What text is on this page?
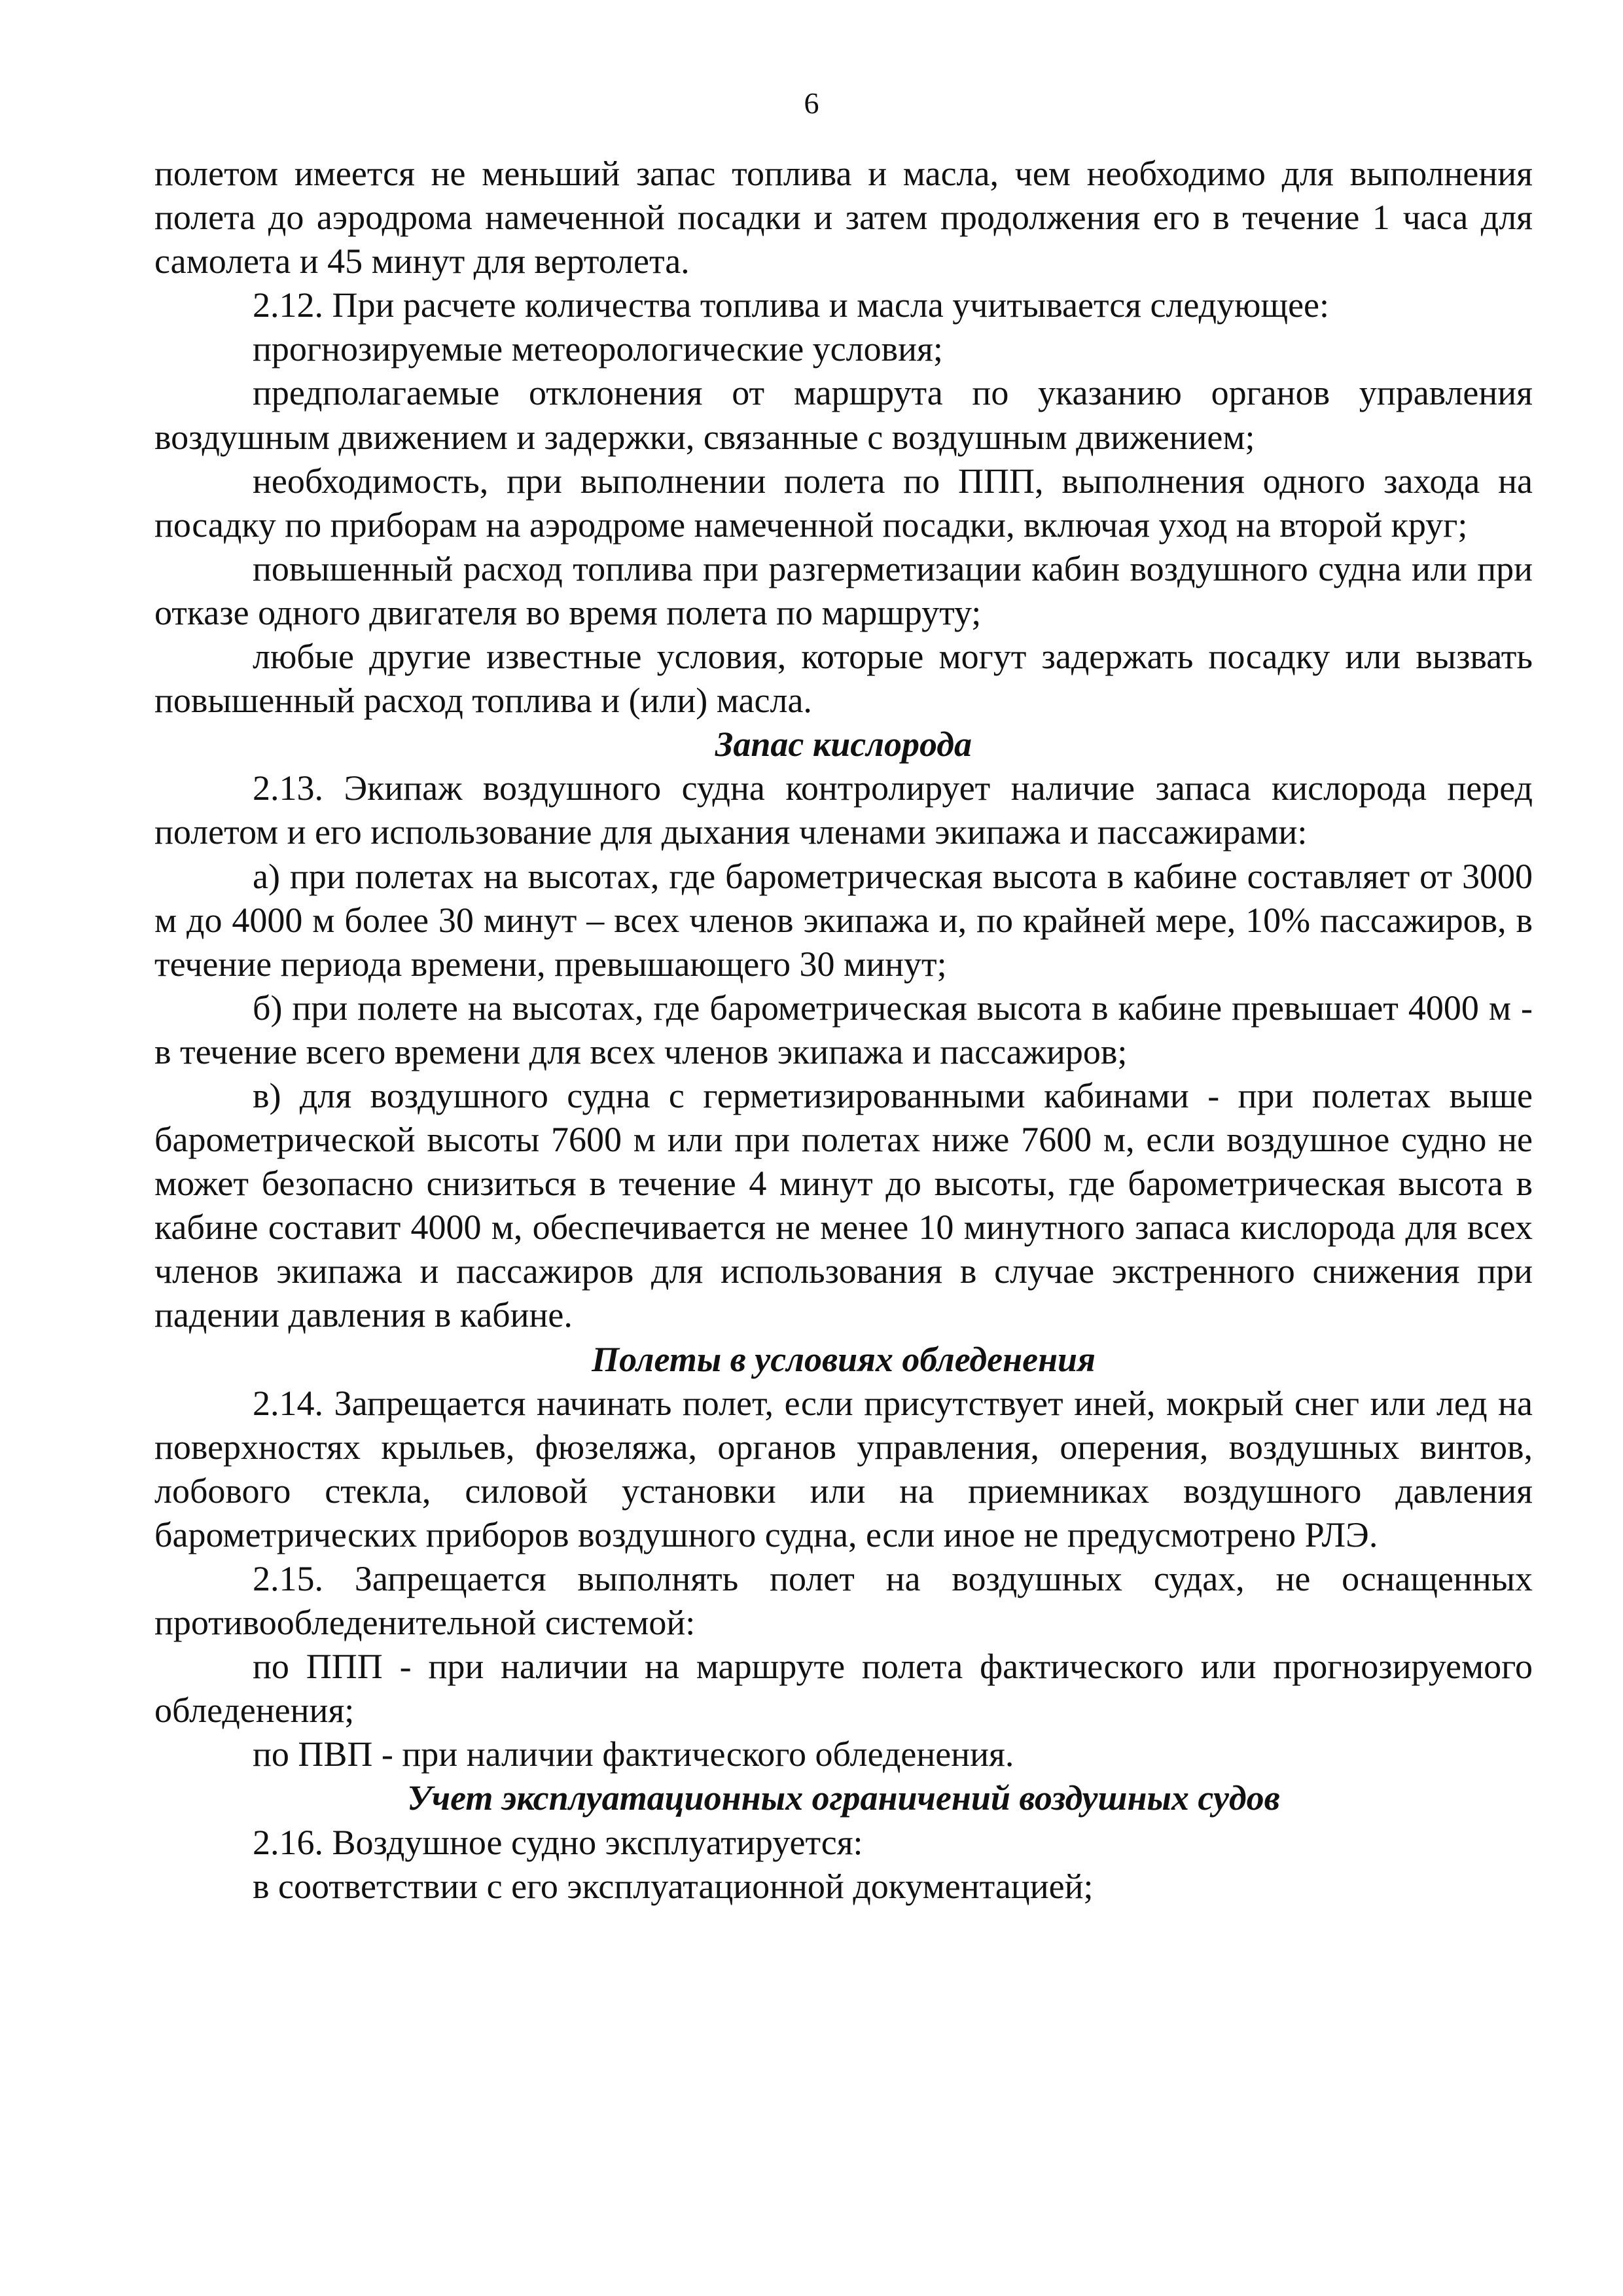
6

полетом имеется не меньший запас топлива и масла, чем необходимо для выполнения полета до аэродрома намеченной посадки и затем продолжения его в течение 1 часа для самолета и 45 минут для вертолета.

2.12. При расчете количества топлива и масла учитывается следующее:

прогнозируемые метеорологические условия;

предполагаемые отклонения от маршрута по указанию органов управления воздушным движением и задержки, связанные с воздушным движением;

необходимость, при выполнении полета по ППП, выполнения одного захода на посадку по приборам на аэродроме намеченной посадки, включая уход на второй круг;

повышенный расход топлива при разгерметизации кабин воздушного судна или при отказе одного двигателя во время полета по маршруту;

любые другие известные условия, которые могут задержать посадку или вызвать повышенный расход топлива и (или) масла.

Запас кислорода

2.13. Экипаж воздушного судна контролирует наличие запаса кислорода перед полетом и его использование для дыхания членами экипажа и пассажирами:

а) при полетах на высотах, где барометрическая высота в кабине составляет от 3000 м до 4000 м более 30 минут – всех членов экипажа и, по крайней мере, 10% пассажиров, в течение периода времени, превышающего 30 минут;

б) при полете на высотах, где барометрическая высота в кабине превышает 4000 м - в течение всего времени для всех членов экипажа и пассажиров;

в) для воздушного судна с герметизированными кабинами - при полетах выше барометрической высоты 7600 м или при полетах ниже 7600 м, если воздушное судно не может безопасно снизиться в течение 4 минут до высоты, где барометрическая высота в кабине составит 4000 м, обеспечивается не менее 10 минутного запаса кислорода для всех членов экипажа и пассажиров для использования в случае экстренного снижения при падении давления в кабине.

Полеты в условиях обледенения

2.14. Запрещается начинать полет, если присутствует иней, мокрый снег или лед на поверхностях крыльев, фюзеляжа, органов управления, оперения, воздушных винтов, лобового стекла, силовой установки или на приемниках воздушного давления барометрических приборов воздушного судна, если иное не предусмотрено РЛЭ.

2.15. Запрещается выполнять полет на воздушных судах, не оснащенных противообледенительной системой:

по ППП - при наличии на маршруте полета фактического или прогнозируемого обледенения;

по ПВП - при наличии фактического обледенения.

Учет эксплуатационных ограничений воздушных судов

2.16. Воздушное судно эксплуатируется:

в соответствии с его эксплуатационной документацией;
